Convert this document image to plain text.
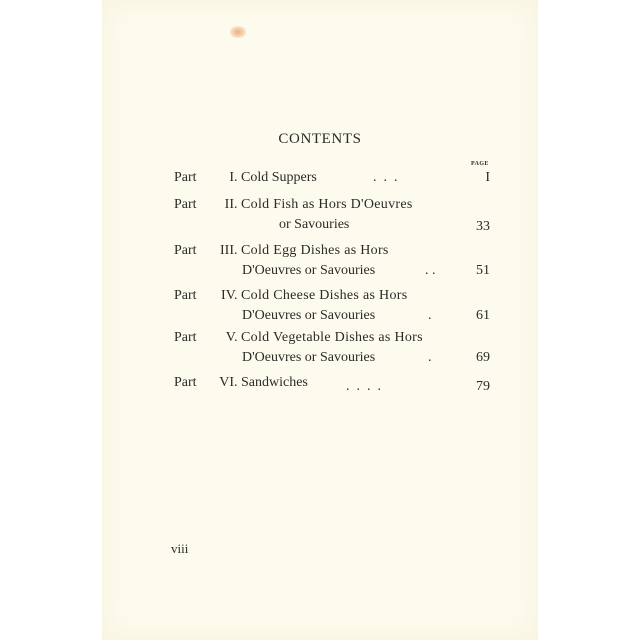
CONTENTS
PAGE
Part I. Cold Suppers	.  .  .	I
Part II. Cold Fish as Hors D'Oeuvres
or Savouries	33
Part III. Cold Egg Dishes as Hors
D'Oeuvres or Savouries	. .	51
Part IV. Cold Cheese Dishes as Hors
D'Oeuvres or Savouries	.	61
Part V. Cold Vegetable Dishes as Hors
D'Oeuvres or Savouries	.	69
Part VI. Sandwiches	.  .  .  .	79
viii
